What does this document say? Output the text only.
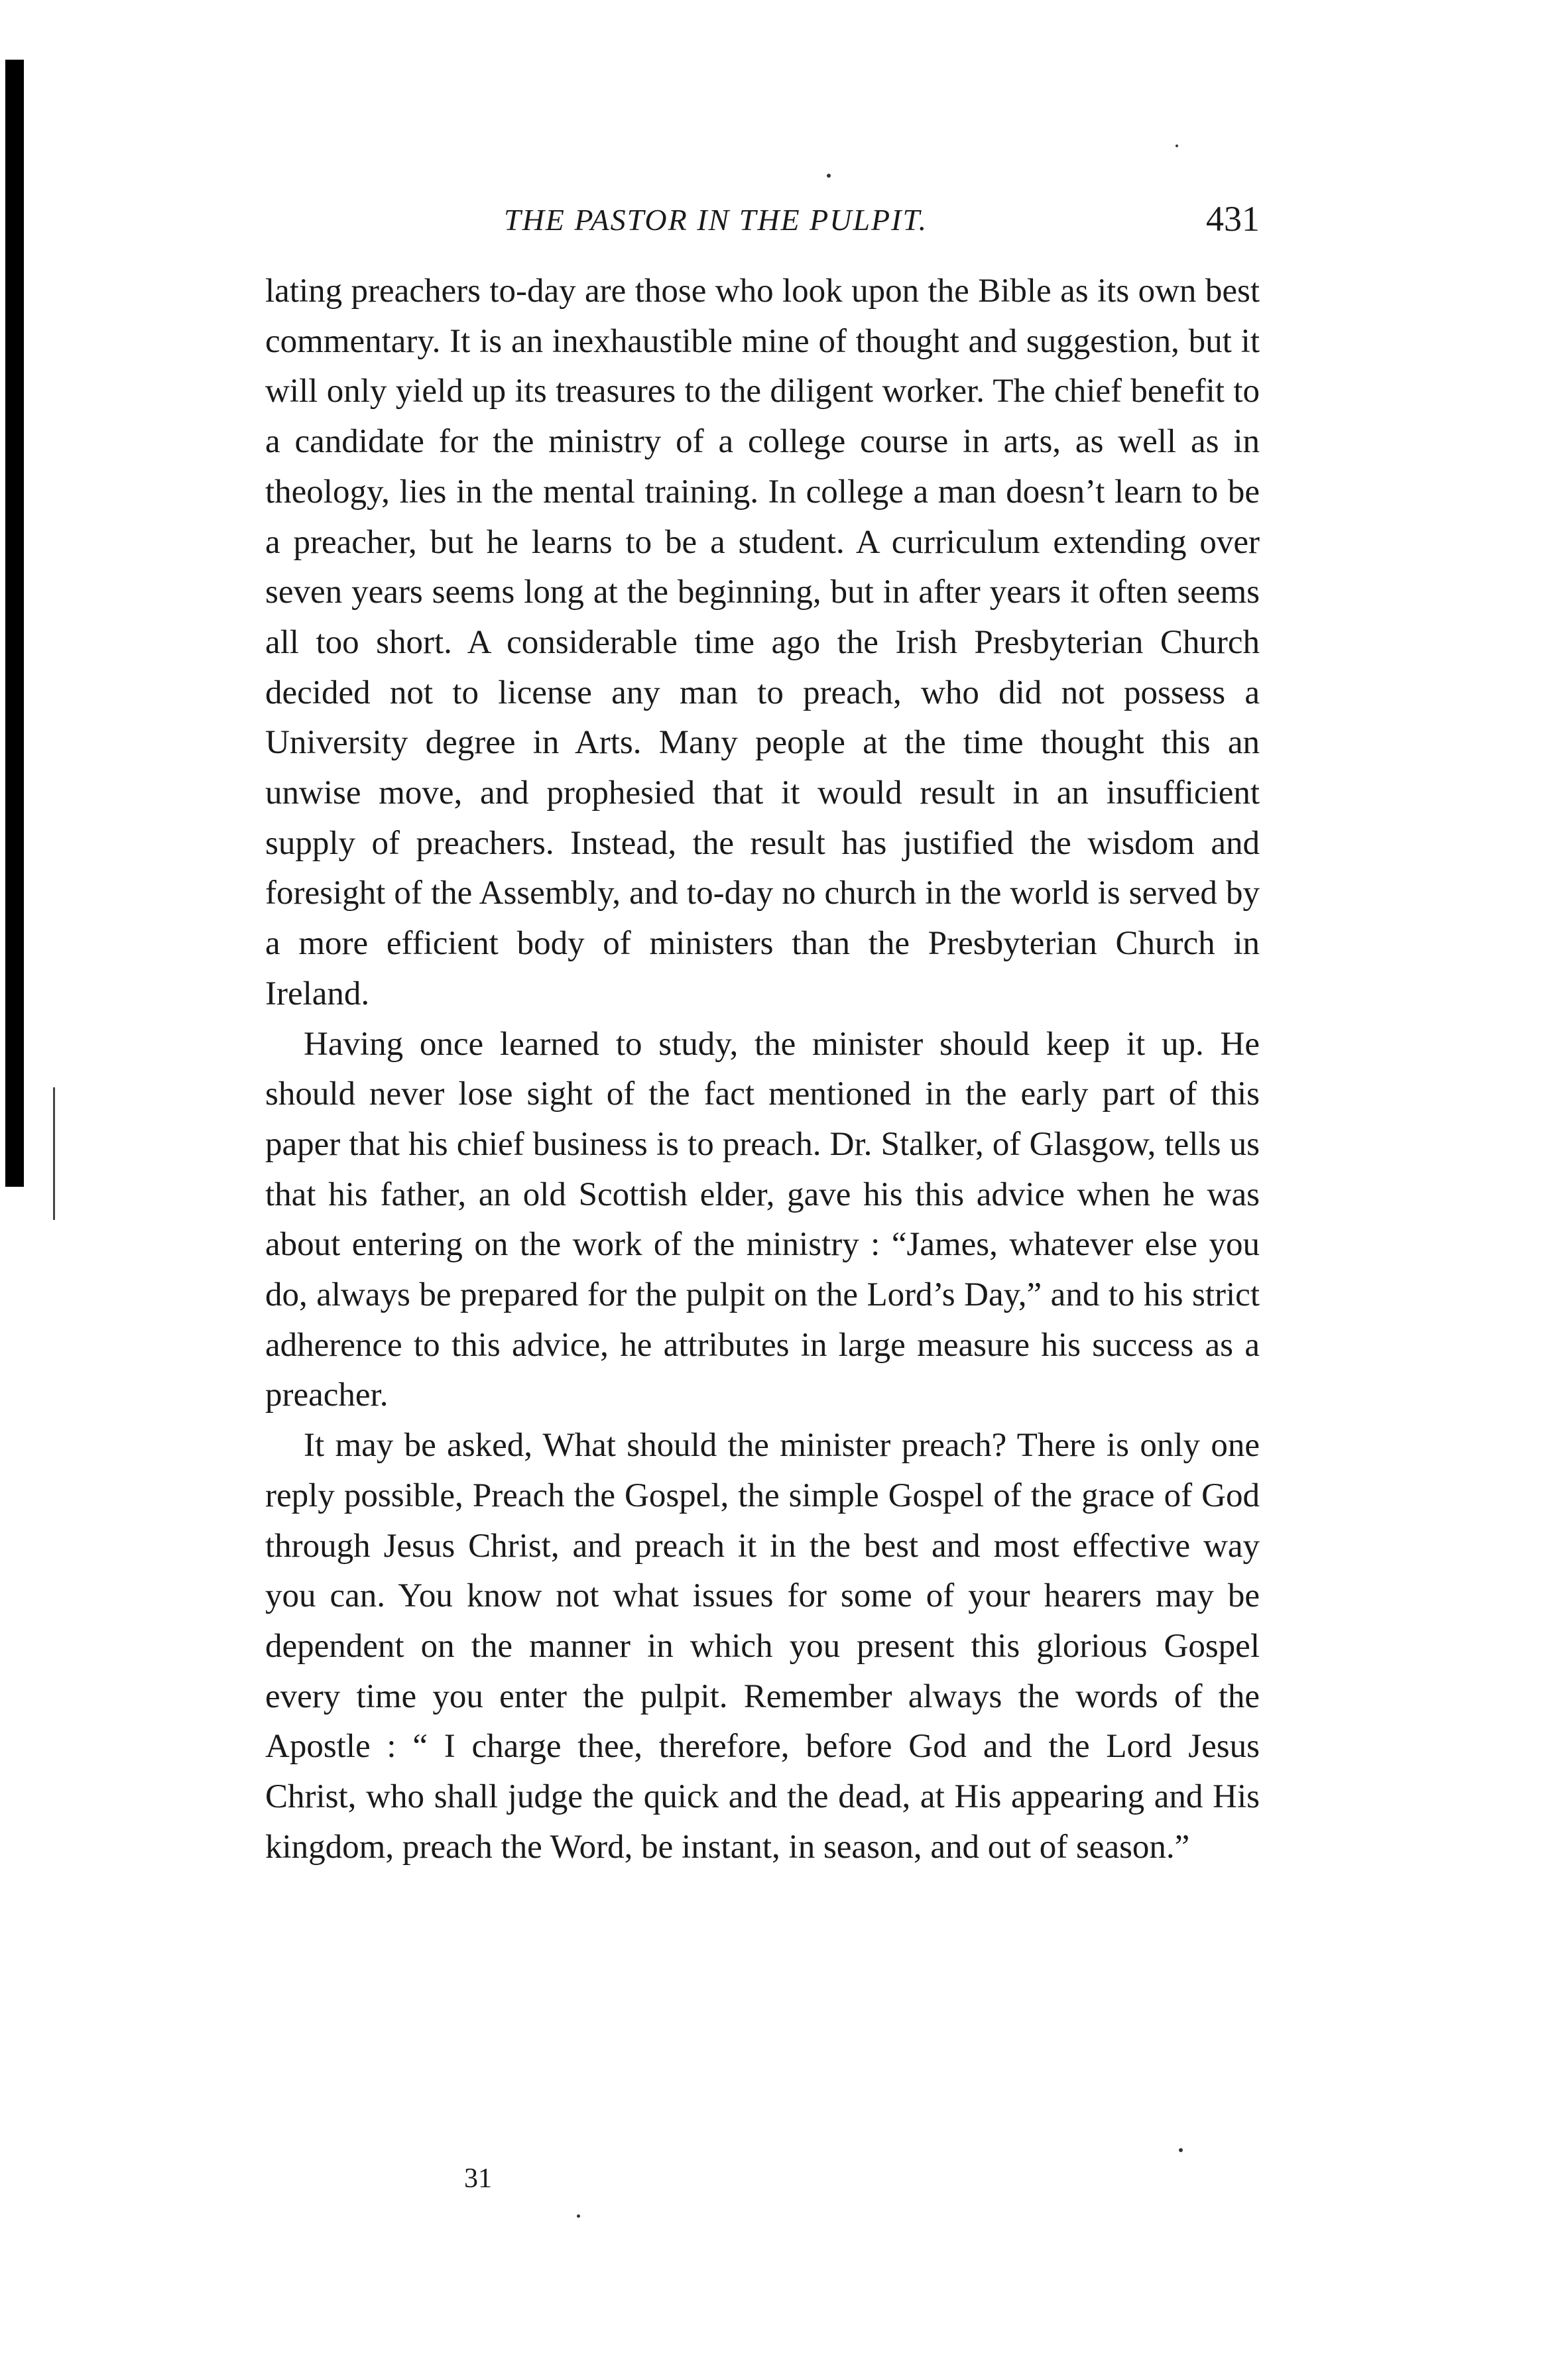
THE PASTOR IN THE PULPIT.	431

lating preachers to-day are those who look upon the Bible as its own best commentary. It is an inexhaustible mine of thought and suggestion, but it will only yield up its treasures to the diligent worker. The chief benefit to a candidate for the ministry of a college course in arts, as well as in theology, lies in the mental training. In college a man doesn’t learn to be a preacher, but he learns to be a student. A curriculum extending over seven years seems long at the beginning, but in after years it often seems all too short. A considerable time ago the Irish Presbyterian Church decided not to license any man to preach, who did not possess a University degree in Arts. Many people at the time thought this an unwise move, and prophesied that it would result in an insufficient supply of preachers. Instead, the result has justified the wisdom and foresight of the Assembly, and to-day no church in the world is served by a more efficient body of ministers than the Presbyterian Church in Ireland.

Having once learned to study, the minister should keep it up. He should never lose sight of the fact mentioned in the early part of this paper that his chief business is to preach. Dr. Stalker, of Glasgow, tells us that his father, an old Scottish elder, gave his this advice when he was about entering on the work of the ministry : “James, whatever else you do, always be prepared for the pulpit on the Lord’s Day,” and to his strict adherence to this advice, he attributes in large measure his success as a preacher.

It may be asked, What should the minister preach? There is only one reply possible, Preach the Gospel, the simple Gospel of the grace of God through Jesus Christ, and preach it in the best and most effective way you can. You know not what issues for some of your hearers may be dependent on the manner in which you present this glorious Gospel every time you enter the pulpit. Remember always the words of the Apostle : “ I charge thee, therefore, before God and the Lord Jesus Christ, who shall judge the quick and the dead, at His appearing and His kingdom, preach the Word, be instant, in season, and out of season.”

31
